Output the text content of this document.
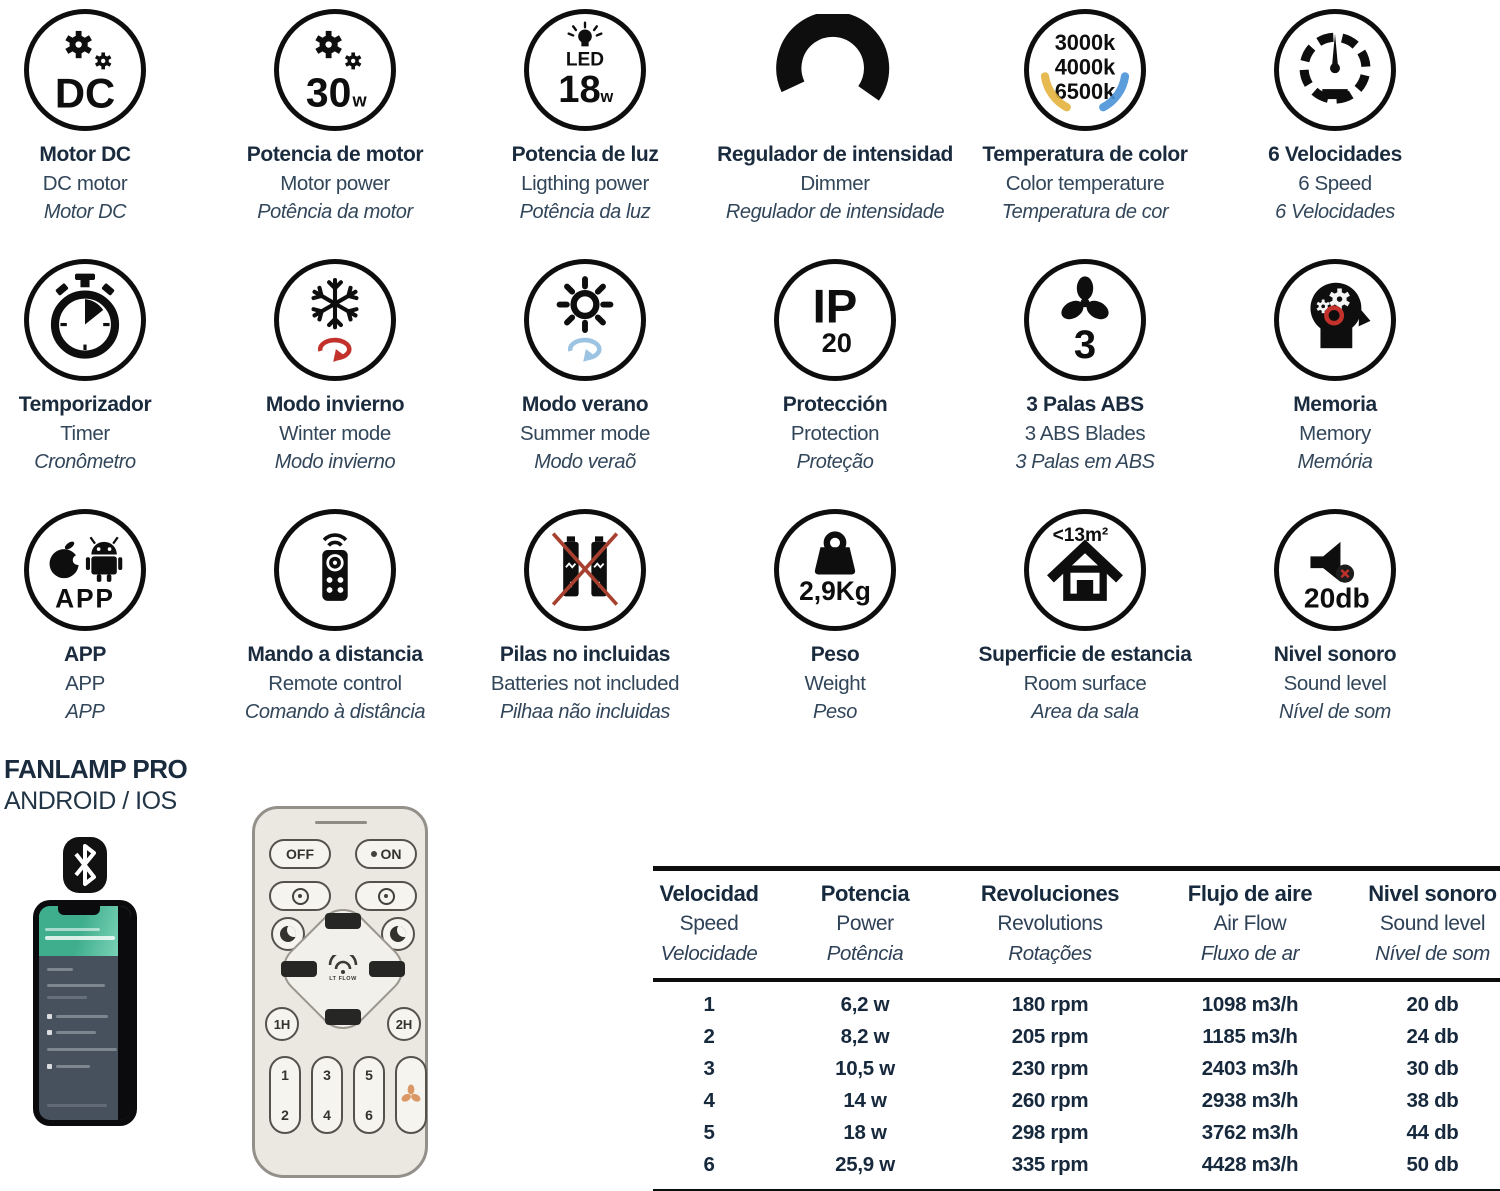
DC
Motor DC
DC motor
Motor DC
30 w
Potencia de motor
Motor power
Potência da motor
LED
18 w
Potencia de luz
Ligthing power
Potência da luz
Regulador de intensidad
Dimmer
Regulador de intensidade
3000k
4000k
6500k
Temperatura de color
Color temperature
Temperatura de cor
6 Velocidades
6 Speed
6 Velocidades
Temporizador
Timer
Cronômetro
Modo invierno
Winter mode
Modo invierno
Modo verano
Summer mode
Modo veraõ
IP
20
Protección
Protection
Proteção
3
3 Palas ABS
3 ABS Blades
3 Palas em ABS
Memoria
Memory
Memória
APP
APP
APP
APP
Mando a distancia
Remote control
Comando à distância
Pilas no incluidas
Batteries not included
Pilhaa não incluidas
2,9Kg
Peso
Weight
Peso
<13m²
Superficie de estancia
Room surface
Area da sala
20db
Nivel sonoro
Sound level
Nível de som
FANLAMP PRO
ANDROID / IOS
OFF	ON
LT FLOW
1H	2H
1
2
3
4
5
6
Velocidad
Speed
Velocidade
Potencia
Power
Potência
Revoluciones
Revolutions
Rotações
Flujo de aire
Air Flow
Fluxo de ar
Nivel sonoro
Sound level
Nível de som
1	6,2 w	180 rpm	1098 m3/h	20 db
2	8,2 w	205 rpm	1185 m3/h	24 db
3	10,5 w	230 rpm	2403 m3/h	30 db
4	14 w	260 rpm	2938 m3/h	38 db
5	18 w	298 rpm	3762 m3/h	44 db
6	25,9 w	335 rpm	4428 m3/h	50 db
